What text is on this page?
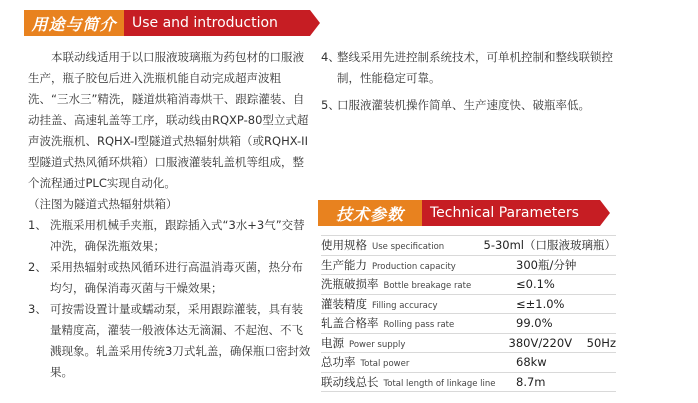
用途与简介	Use and introduction

本联动线适用于以口服液玻璃瓶为药包材的口服液生产，瓶子胶包后进入洗瓶机能自动完成超声波粗洗、“三水三”精洗，隧道烘箱消毒烘干、跟踪灌装、自动挂盖、高速轧盖等工序，联动线由RQXP-80型立式超声波洗瓶机、RQHX-I型隧道式热辐射烘箱（或RQHX-II型隧道式热风循环烘箱）口服液灌装轧盖机等组成，整个流程通过PLC实现自动化。

（注图为隧道式热辐射烘箱）

1、 洗瓶采用机械手夹瓶，跟踪插入式“3水+3气”交替冲洗，确保洗瓶效果；
2、 采用热辐射或热风循环进行高温消毒灭菌，热分布均匀，确保消毒灭菌与干燥效果；
3、 可按需设置计量或蠕动泵，采用跟踪灌装，具有装量精度高，灌装一般液体达无滴漏、不起泡、不飞溅现象。轧盖采用传统3刀式轧盖，确保瓶口密封效果。
4、
整线采用先进控制系统技术，可单机控制和整线联锁控制，性能稳定可靠。
5、
口服液灌装机操作简单、生产速度快、破瓶率低。
技术参数	Technical Parameters
使用规格 Use specification	5-30ml（口服液玻璃瓶）
生产能力 Production capacity	300瓶/分钟
洗瓶破损率 Bottle breakage rate	≤0.1%
灌装精度 Filling accuracy	≤±1.0%
轧盖合格率 Rolling pass rate	99.0%
电源 Power supply	380V/220V    50Hz
总功率 Total power	68kw
联动线总长 Total length of linkage line	8.7m
